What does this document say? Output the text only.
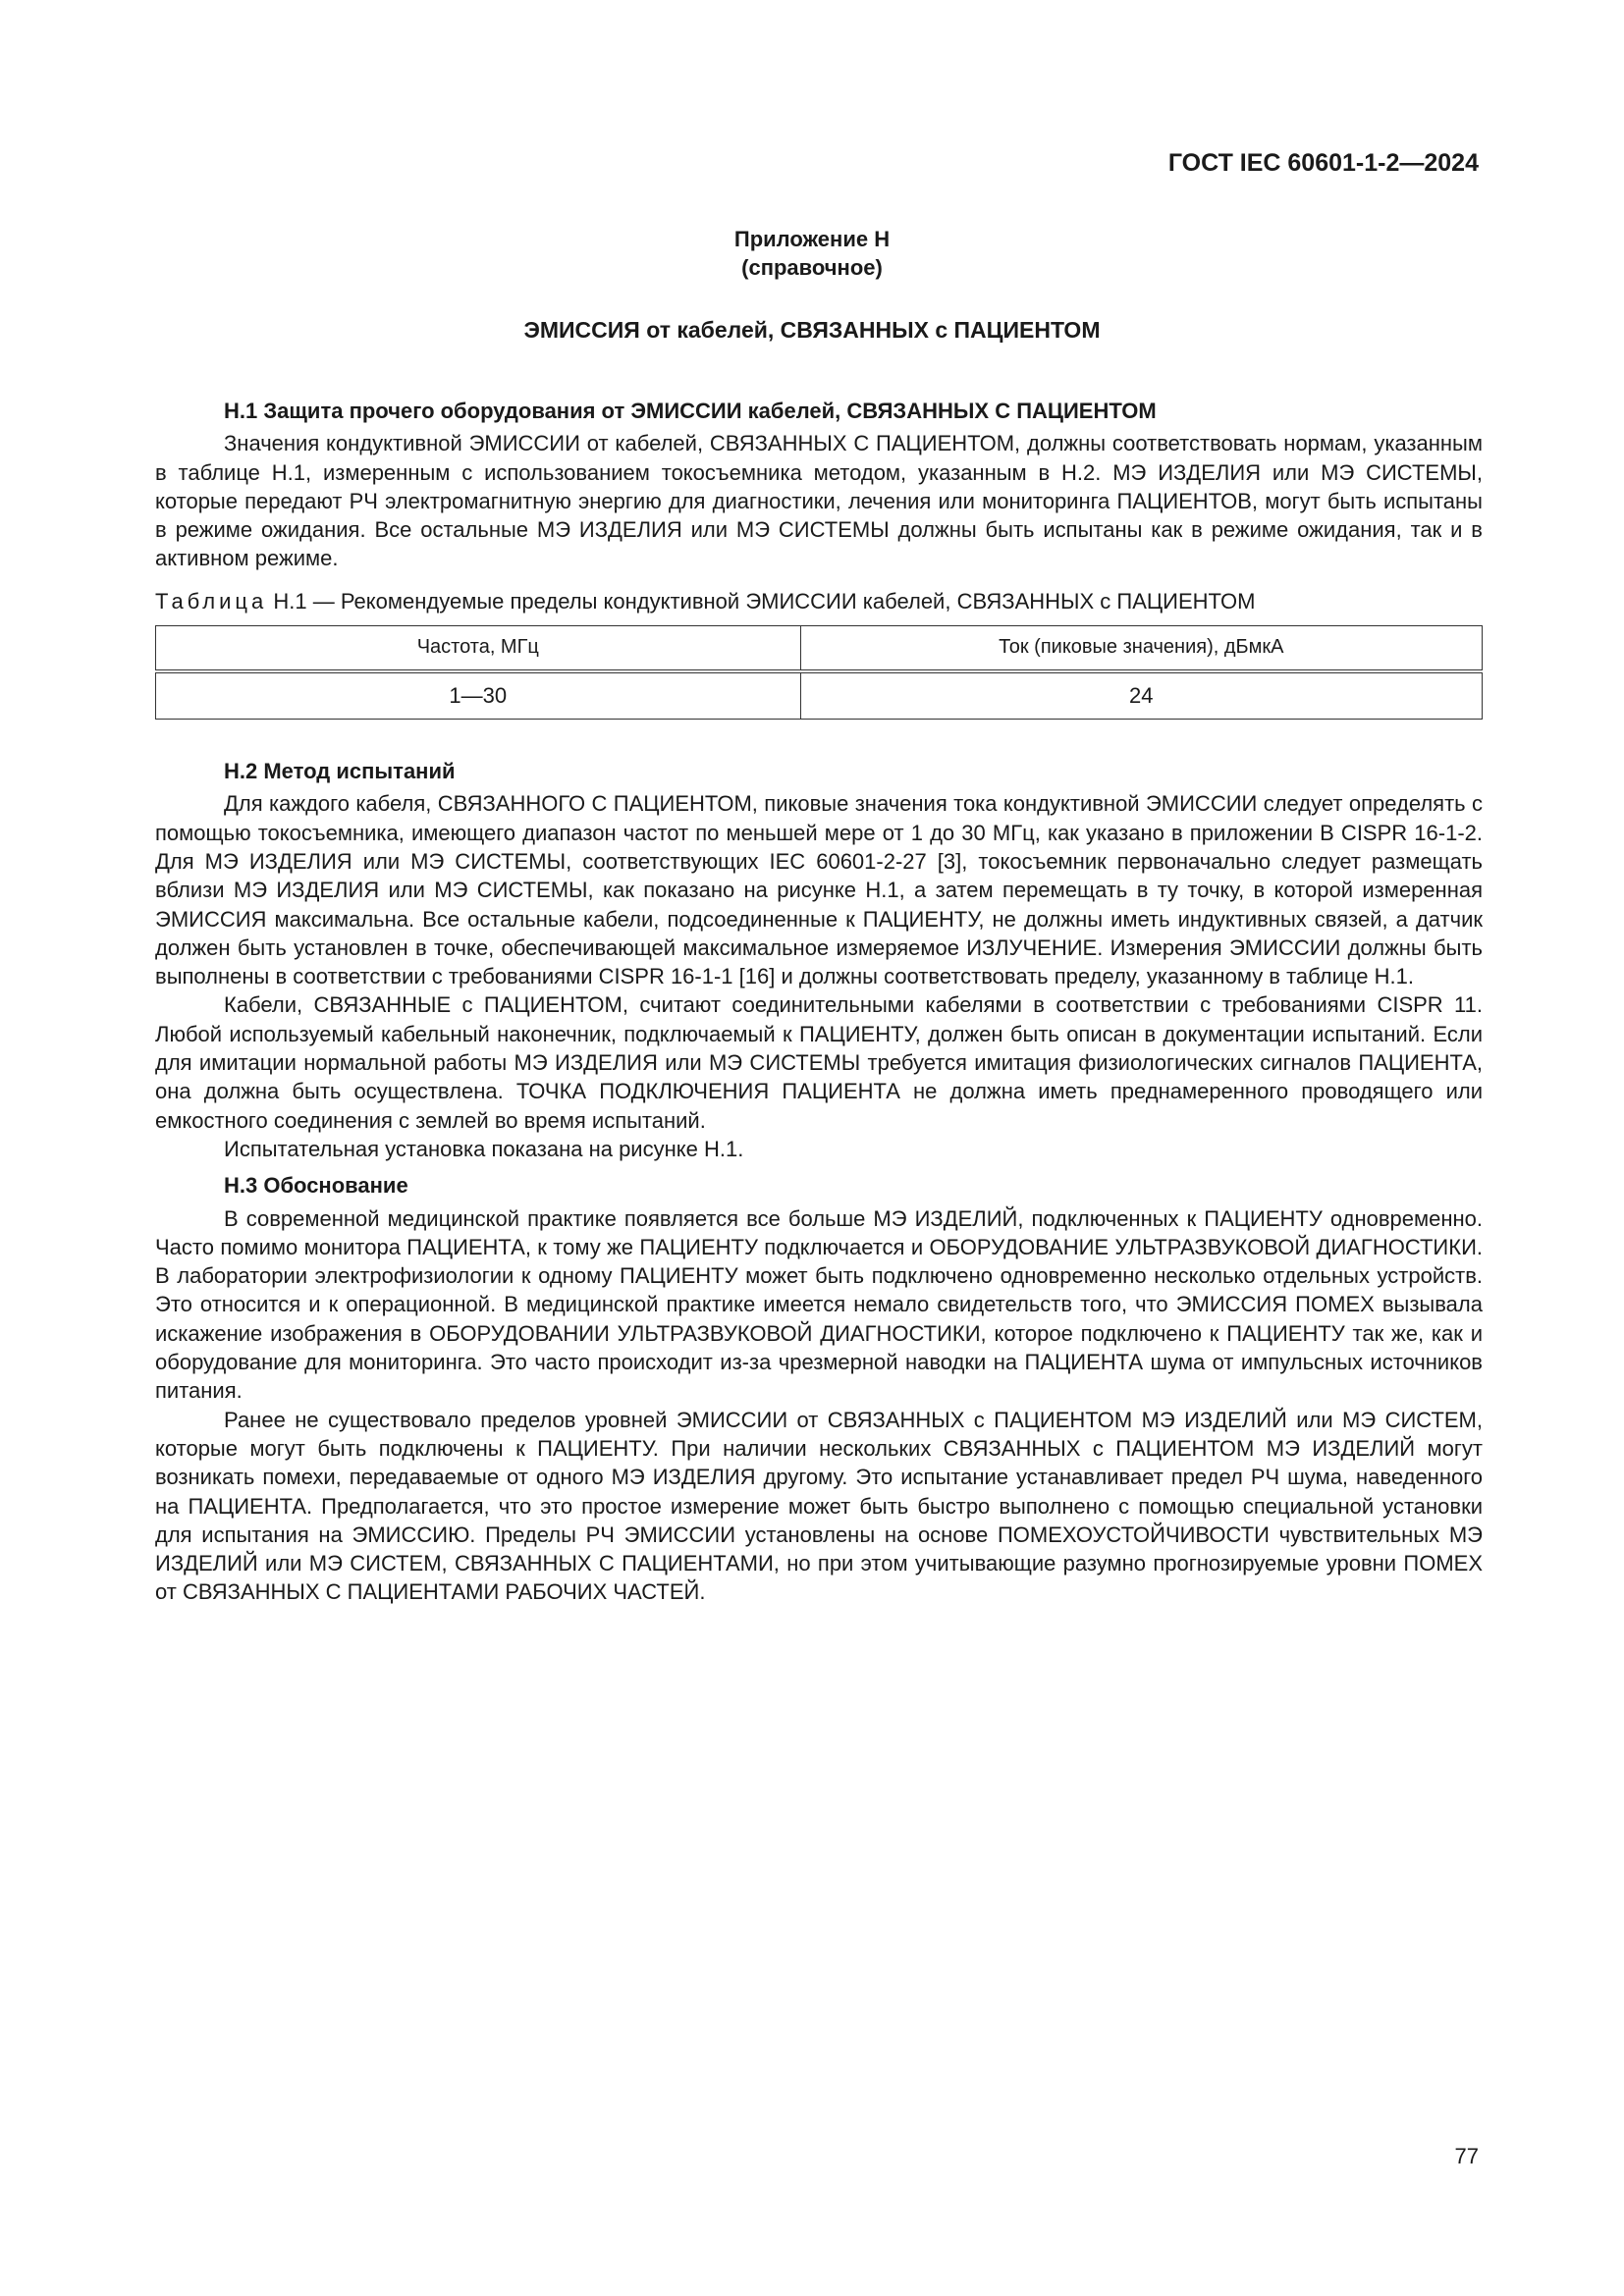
ГОСТ IEC 60601-1-2—2024
Приложение Н
(справочное)
ЭМИССИЯ от кабелей, СВЯЗАННЫХ с ПАЦИЕНТОМ
Н.1 Защита прочего оборудования от ЭМИССИИ кабелей, СВЯЗАННЫХ С ПАЦИЕНТОМ

Значения кондуктивной ЭМИССИИ от кабелей, СВЯЗАННЫХ С ПАЦИЕНТОМ, должны соответствовать нормам, указанным в таблице Н.1, измеренным с использованием токосъемника методом, указанным в Н.2. МЭ ИЗДЕЛИЯ или МЭ СИСТЕМЫ, которые передают РЧ электромагнитную энергию для диагностики, лечения или мониторинга ПАЦИЕНТОВ, могут быть испытаны в режиме ожидания. Все остальные МЭ ИЗДЕЛИЯ или МЭ СИСТЕМЫ должны быть испытаны как в режиме ожидания, так и в активном режиме.

Таблица Н.1 — Рекомендуемые пределы кондуктивной ЭМИССИИ кабелей, СВЯЗАННЫХ с ПАЦИЕНТОМ

Частота, МГц	Ток (пиковые значения), дБмкА
1—30	24
Н.2 Метод испытаний

Для каждого кабеля, СВЯЗАННОГО С ПАЦИЕНТОМ, пиковые значения тока кондуктивной ЭМИССИИ следует определять с помощью токосъемника, имеющего диапазон частот по меньшей мере от 1 до 30 МГц, как указано в приложении В CISPR 16-1-2. Для МЭ ИЗДЕЛИЯ или МЭ СИСТЕМЫ, соответствующих IEC 60601-2-27 [3], токосъемник первоначально следует размещать вблизи МЭ ИЗДЕЛИЯ или МЭ СИСТЕМЫ, как показано на рисунке Н.1, а затем перемещать в ту точку, в которой измеренная ЭМИССИЯ максимальна. Все остальные кабели, подсоединенные к ПАЦИЕНТУ, не должны иметь индуктивных связей, а датчик должен быть установлен в точке, обеспечивающей максимальное измеряемое ИЗЛУЧЕНИЕ. Измерения ЭМИССИИ должны быть выполнены в соответствии с требованиями CISPR 16-1-1 [16] и должны соответствовать пределу, указанному в таблице Н.1.

Кабели, СВЯЗАННЫЕ с ПАЦИЕНТОМ, считают соединительными кабелями в соответствии с требованиями CISPR 11. Любой используемый кабельный наконечник, подключаемый к ПАЦИЕНТУ, должен быть описан в документации испытаний. Если для имитации нормальной работы МЭ ИЗДЕЛИЯ или МЭ СИСТЕМЫ требуется имитация физиологических сигналов ПАЦИЕНТА, она должна быть осуществлена. ТОЧКА ПОДКЛЮЧЕНИЯ ПАЦИЕНТА не должна иметь преднамеренного проводящего или емкостного соединения с землей во время испытаний.

Испытательная установка показана на рисунке Н.1.

Н.3 Обоснование

В современной медицинской практике появляется все больше МЭ ИЗДЕЛИЙ, подключенных к ПАЦИЕНТУ одновременно. Часто помимо монитора ПАЦИЕНТА, к тому же ПАЦИЕНТУ подключается и ОБОРУДОВАНИЕ УЛЬТРАЗВУКОВОЙ ДИАГНОСТИКИ. В лаборатории электрофизиологии к одному ПАЦИЕНТУ может быть подключено одновременно несколько отдельных устройств. Это относится и к операционной. В медицинской практике имеется немало свидетельств того, что ЭМИССИЯ ПОМЕХ вызывала искажение изображения в ОБОРУДОВАНИИ УЛЬТРАЗВУКОВОЙ ДИАГНОСТИКИ, которое подключено к ПАЦИЕНТУ так же, как и оборудование для мониторинга. Это часто происходит из-за чрезмерной наводки на ПАЦИЕНТА шума от импульсных источников питания.

Ранее не существовало пределов уровней ЭМИССИИ от СВЯЗАННЫХ с ПАЦИЕНТОМ МЭ ИЗДЕЛИЙ или МЭ СИСТЕМ, которые могут быть подключены к ПАЦИЕНТУ. При наличии нескольких СВЯЗАННЫХ с ПАЦИЕНТОМ МЭ ИЗДЕЛИЙ могут возникать помехи, передаваемые от одного МЭ ИЗДЕЛИЯ другому. Это испытание устанавливает предел РЧ шума, наведенного на ПАЦИЕНТА. Предполагается, что это простое измерение может быть быстро выполнено с помощью специальной установки для испытания на ЭМИССИЮ. Пределы РЧ ЭМИССИИ установлены на основе ПОМЕХОУСТОЙЧИВОСТИ чувствительных МЭ ИЗДЕЛИЙ или МЭ СИСТЕМ, СВЯЗАННЫХ С ПАЦИЕНТАМИ, но при этом учитывающие разумно прогнозируемые уровни ПОМЕХ от СВЯЗАННЫХ С ПАЦИЕНТАМИ РАБОЧИХ ЧАСТЕЙ.

77
